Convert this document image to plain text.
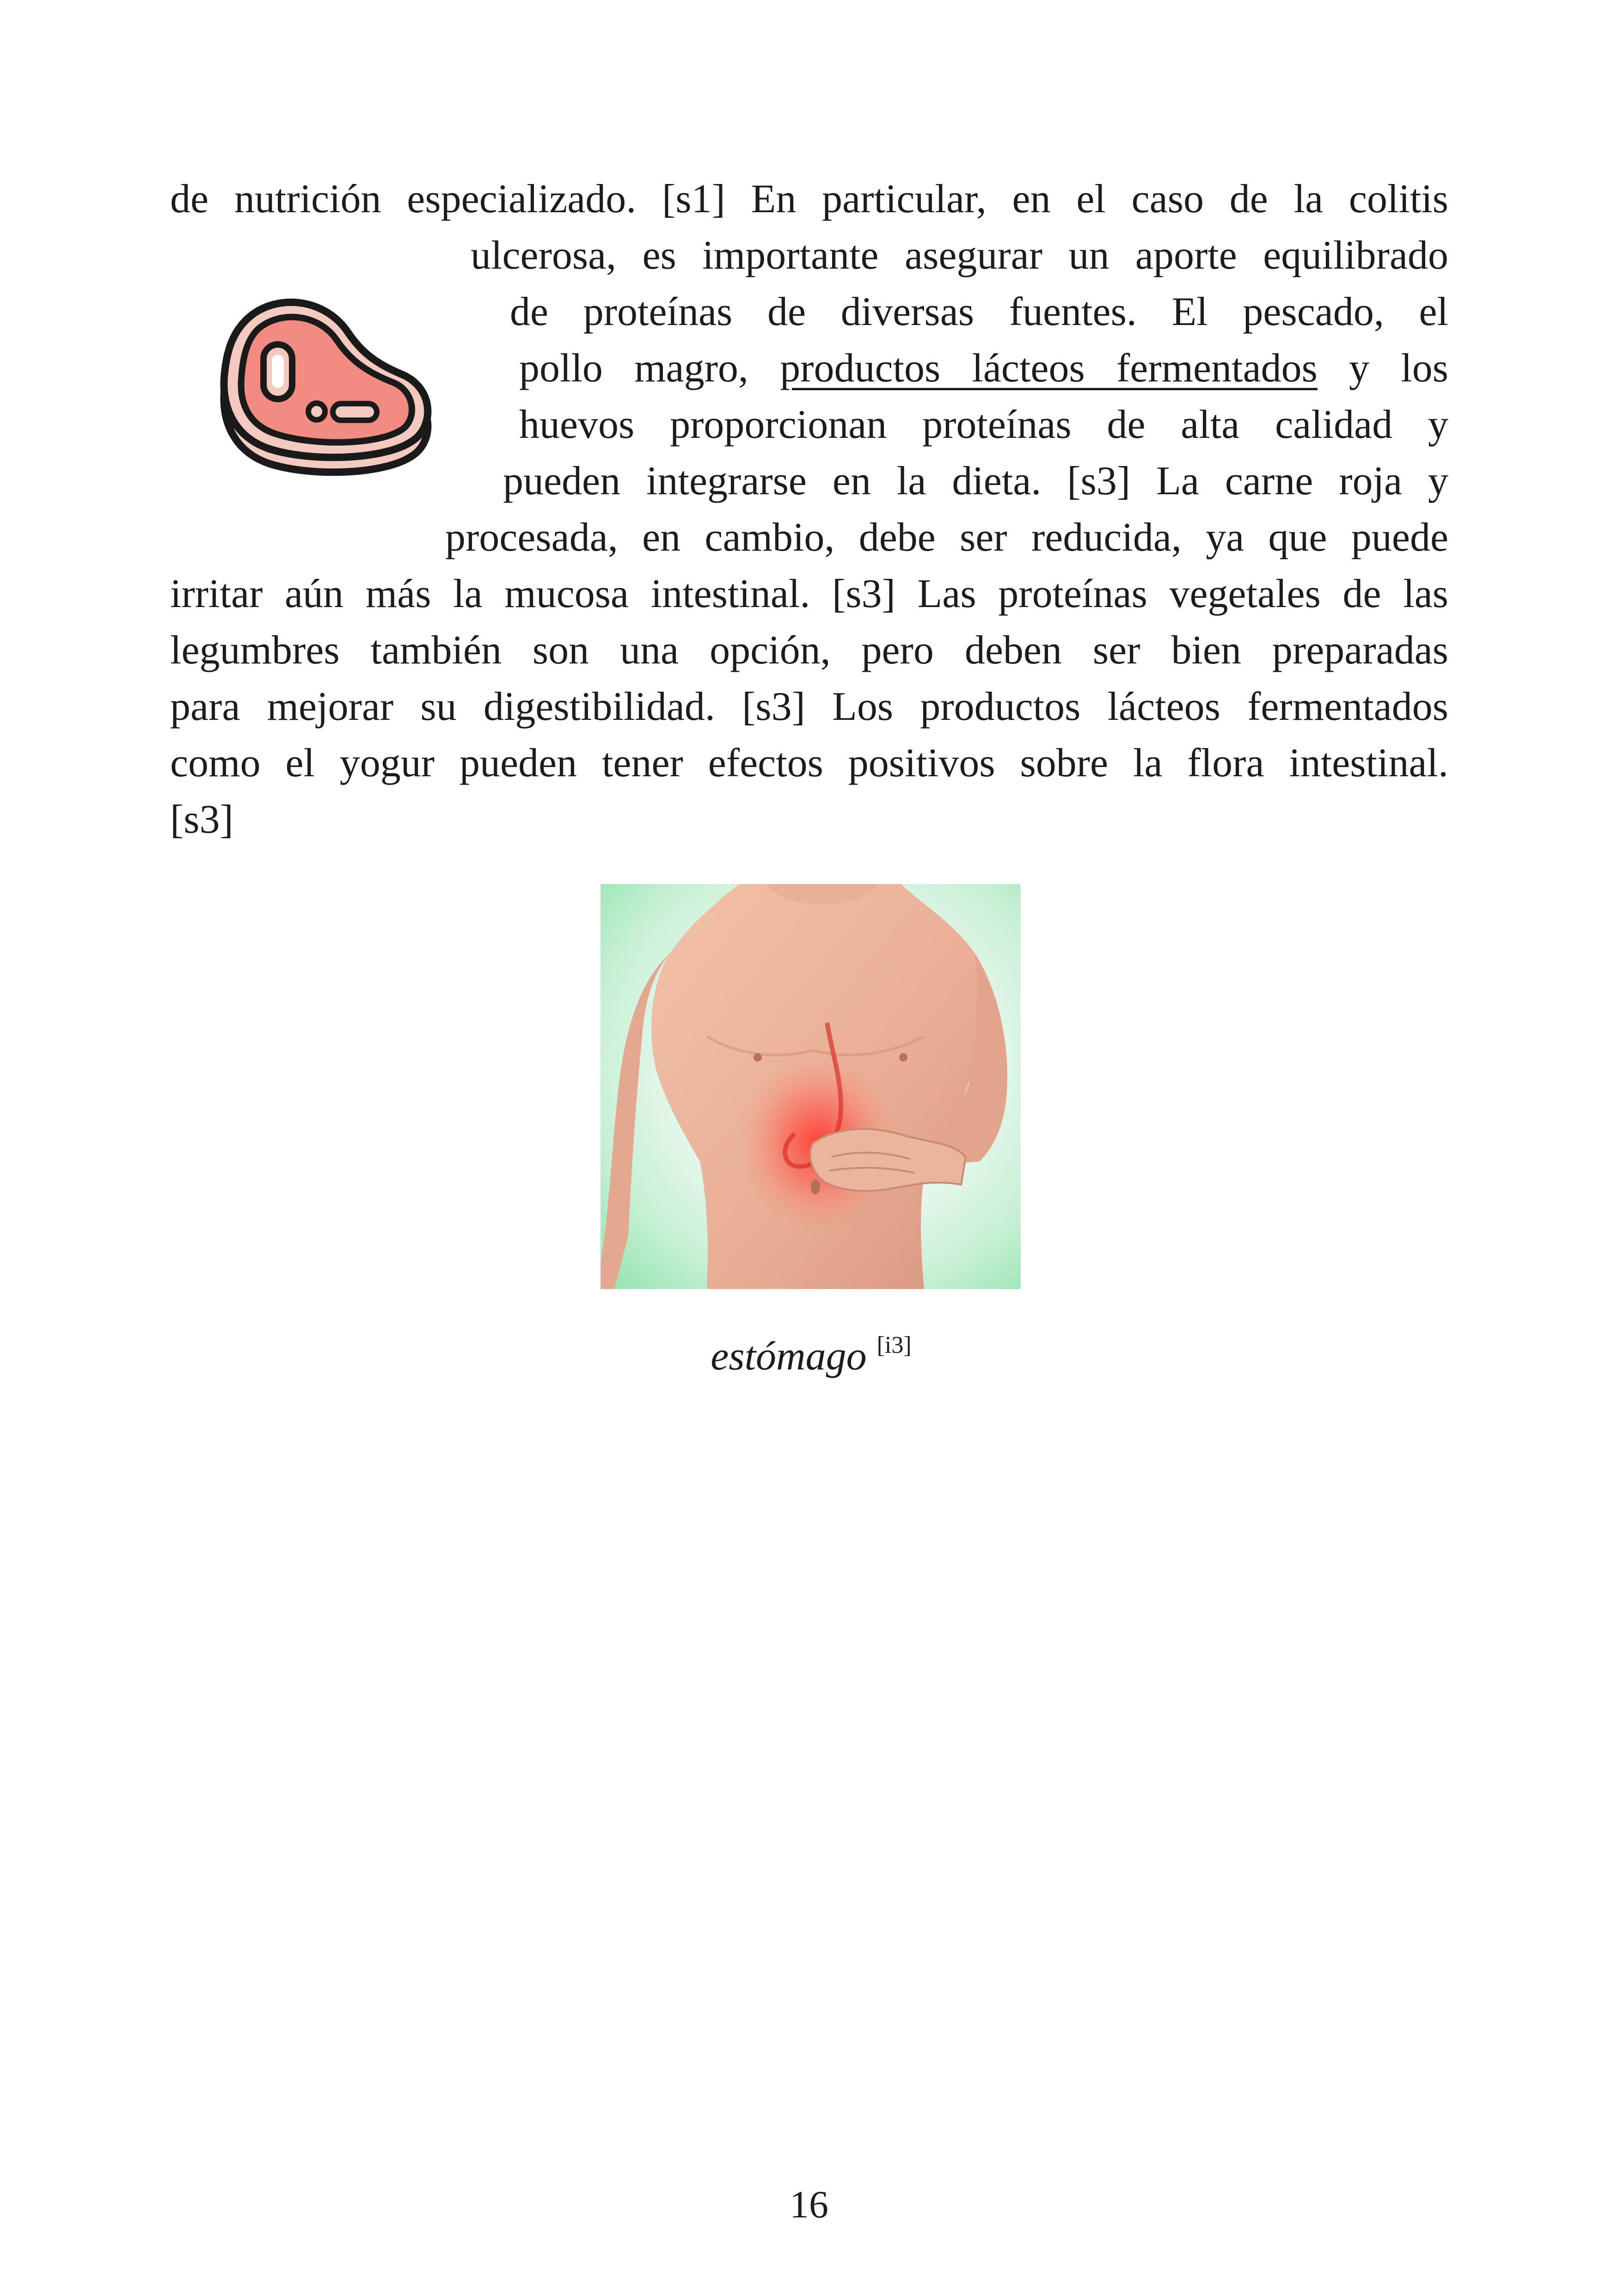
de nutrición especializado. [s1] En particular, en el caso de la colitis
ulcerosa, es importante asegurar un aporte equilibrado
de proteínas de diversas fuentes. El pescado, el
pollo magro, productos lácteos fermentados y los
huevos proporcionan proteínas de alta calidad y
pueden integrarse en la dieta. [s3] La carne roja y
procesada, en cambio, debe ser reducida, ya que puede
irritar aún más la mucosa intestinal. [s3] Las proteínas vegetales de las
legumbres también son una opción, pero deben ser bien preparadas
para mejorar su digestibilidad. [s3] Los productos lácteos fermentados
como el yogur pueden tener efectos positivos sobre la flora intestinal.
[s3]
estómago [i3]
16
